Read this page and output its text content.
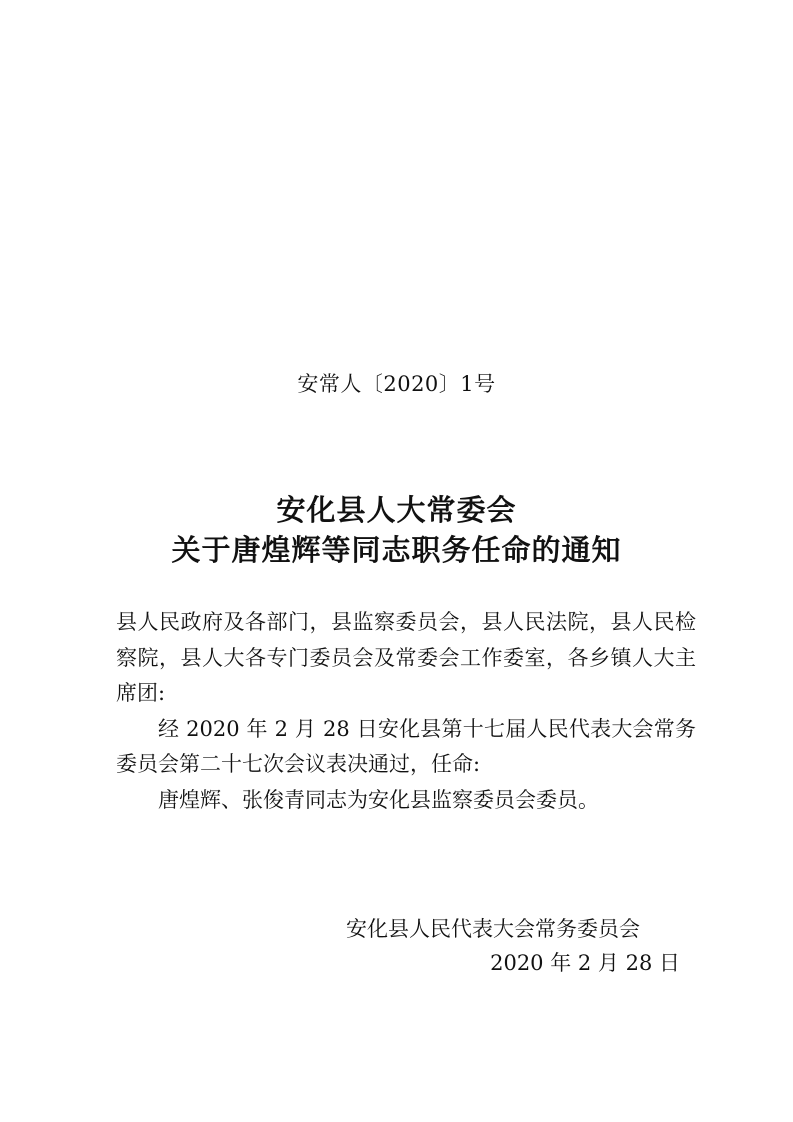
安常人〔2020〕1号
安化县人大常委会
关于唐煌辉等同志职务任命的通知

县人民政府及各部门，县监察委员会，县人民法院，县人民检察院，县人大各专门委员会及常委会工作委室，各乡镇人大主席团:

经 2020 年 2 月 28 日安化县第十七届人民代表大会常务委员会第二十七次会议表决通过，任命:

唐煌辉、张俊青同志为安化县监察委员会委员。

安化县人民代表大会常务委员会
2020 年 2 月 28 日
